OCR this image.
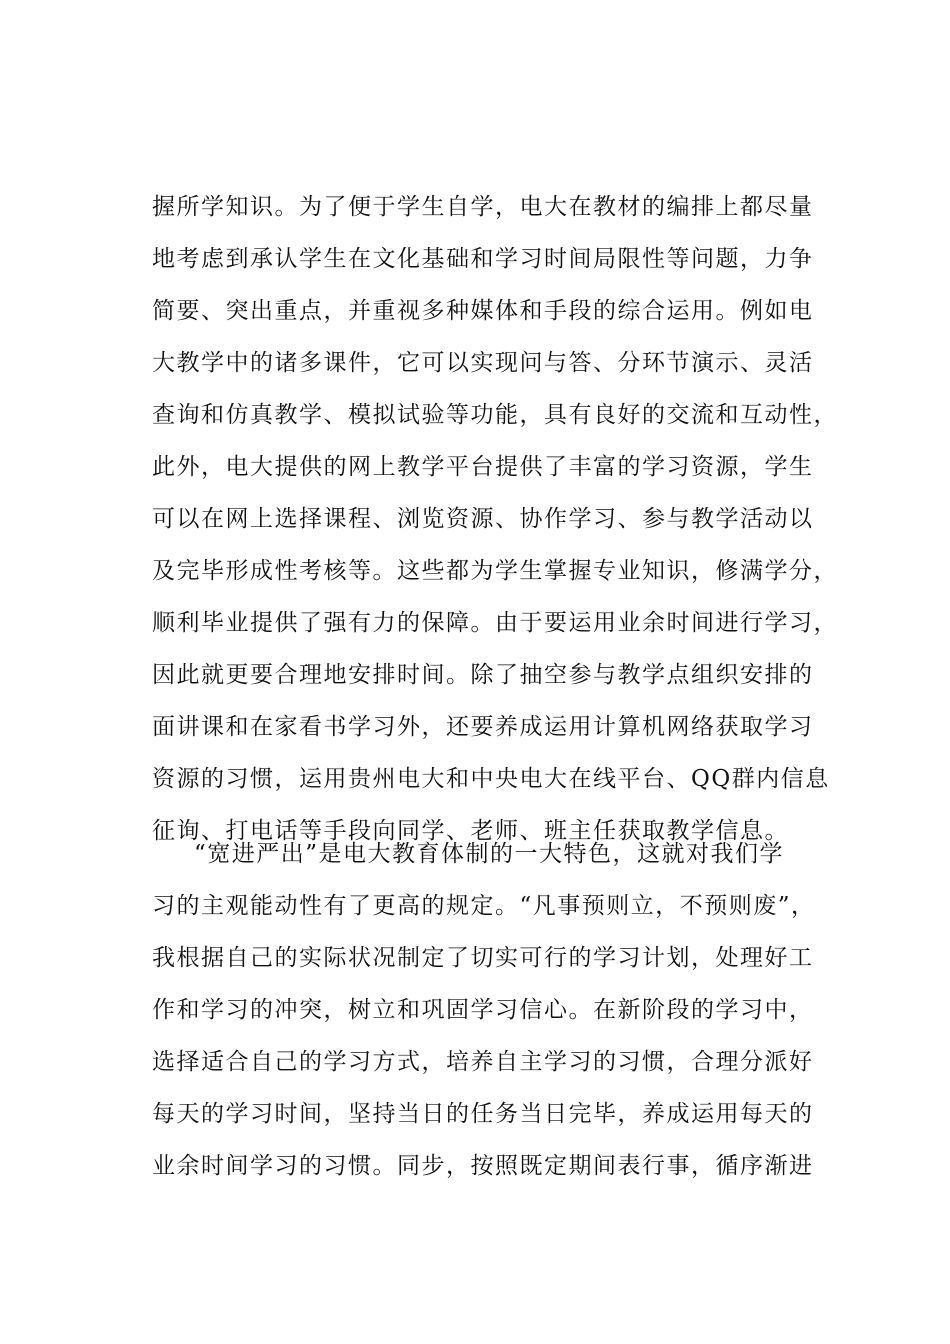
握所学知识。为了便于学生自学，电大在教材的编排上都尽量
地考虑到承认学生在文化基础和学习时间局限性等问题，力争
简要、突出重点，并重视多种媒体和手段的综合运用。例如电
大教学中的诸多课件，它可以实现问与答、分环节演示、灵活
查询和仿真教学、模拟试验等功能，具有良好的交流和互动性，
此外，电大提供的网上教学平台提供了丰富的学习资源，学生
可以在网上选择课程、浏览资源、协作学习、参与教学活动以
及完毕形成性考核等。这些都为学生掌握专业知识，修满学分，
顺利毕业提供了强有力的保障。由于要运用业余时间进行学习，
因此就更要合理地安排时间。除了抽空参与教学点组织安排的
面讲课和在家看书学习外，还要养成运用计算机网络获取学习
资源的习惯，运用贵州电大和中央电大在线平台、QQ群内信息
征询、打电话等手段向同学、老师、班主任获取教学信息。
“宽进严出”是电大教育体制的一大特色，这就对我们学
习的主观能动性有了更高的规定。“凡事预则立，不预则废”，
我根据自己的实际状况制定了切实可行的学习计划，处理好工
作和学习的冲突，树立和巩固学习信心。在新阶段的学习中，
选择适合自己的学习方式，培养自主学习的习惯，合理分派好
每天的学习时间，坚持当日的任务当日完毕，养成运用每天的
业余时间学习的习惯。同步，按照既定期间表行事，循序渐进
